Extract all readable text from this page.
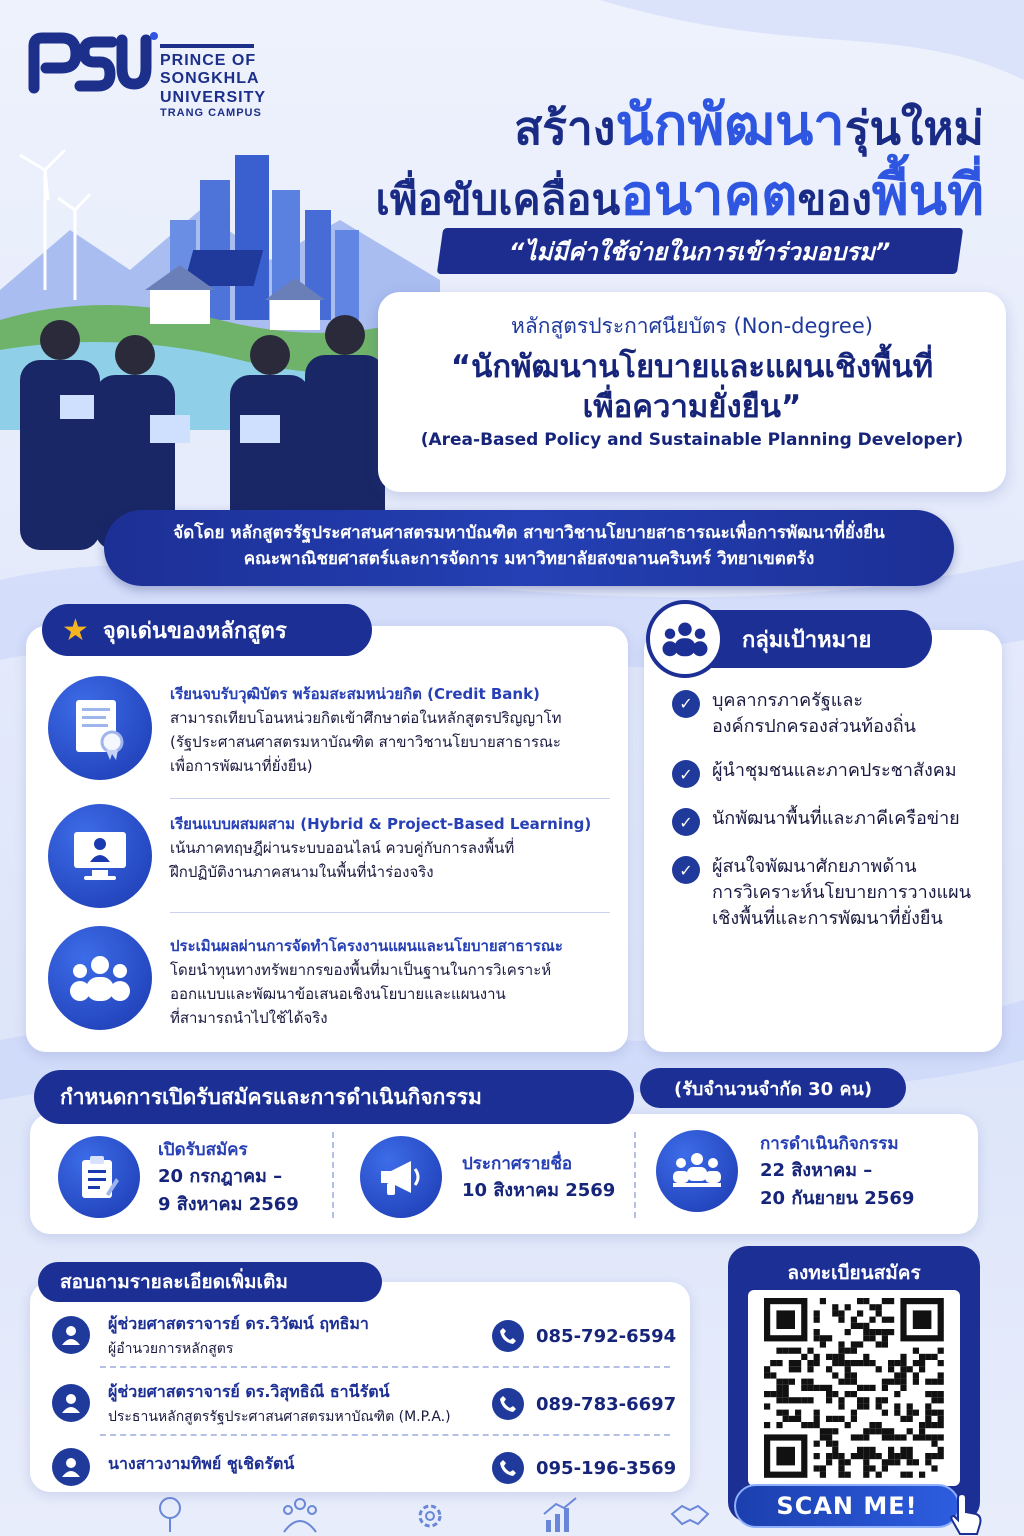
PRINCE OF
SONGKHLA
UNIVERSITY
TRANG CAMPUS	สร้างนักพัฒนารุ่นใหม่
เพื่อขับเคลื่อนอนาคตของพื้นที่
“ไม่มีค่าใช้จ่ายในการเข้าร่วมอบรม”
หลักสูตรประกาศนียบัตร (Non-degree)
“นักพัฒนานโยบายและแผนเชิงพื้นที่
เพื่อความยั่งยืน”
(Area-Based Policy and Sustainable Planning Developer)
จัดโดย หลักสูตรรัฐประศาสนศาสตรมหาบัณฑิต สาขาวิชานโยบายสาธารณะเพื่อการพัฒนาที่ยั่งยืน
คณะพาณิชยศาสตร์และการจัดการ มหาวิทยาลัยสงขลานครินทร์ วิทยาเขตตรัง
★ จุดเด่นของหลักสูตร
เรียนจบรับวุฒิบัตร พร้อมสะสมหน่วยกิต (Credit Bank)
สามารถเทียบโอนหน่วยกิตเข้าศึกษาต่อในหลักสูตรปริญญาโท
(รัฐประศาสนศาสตรมหาบัณฑิต สาขาวิชานโยบายสาธารณะ
เพื่อการพัฒนาที่ยั่งยืน)
เรียนแบบผสมผสาม (Hybrid & Project-Based Learning)
เน้นภาคทฤษฎีผ่านระบบออนไลน์ ควบคู่กับการลงพื้นที่
ฝึกปฏิบัติงานภาคสนามในพื้นที่นำร่องจริง
ประเมินผลผ่านการจัดทำโครงงานแผนและนโยบายสาธารณะ
โดยนำทุนทางทรัพยากรของพื้นที่มาเป็นฐานในการวิเคราะห์
ออกแบบและพัฒนาข้อเสนอเชิงนโยบายและแผนงาน
ที่สามารถนำไปใช้ได้จริง
กลุ่มเป้าหมาย
✓	บุคลากรภาครัฐและ
องค์กรปกครองส่วนท้องถิ่น
✓	ผู้นำชุมชนและภาคประชาสังคม
✓	นักพัฒนาพื้นที่และภาคีเครือข่าย
✓	ผู้สนใจพัฒนาศักยภาพด้าน
การวิเคราะห์นโยบายการวางแผน
เชิงพื้นที่และการพัฒนาที่ยั่งยืน
กำหนดการเปิดรับสมัครและการดำเนินกิจกรรม	(รับจำนวนจำกัด 30 คน)
เปิดรับสมัคร
20 กรกฎาคม –
9 สิงหาคม 2569
ประกาศรายชื่อ
10 สิงหาคม 2569
การดำเนินกิจกรรม
22 สิงหาคม –
20 กันยายน 2569
สอบถามรายละเอียดเพิ่มเติม
ผู้ช่วยศาสตราจารย์ ดร.วิวัฒน์ ฤทธิมา
ผู้อำนวยการหลักสูตร
085-792-6594
ผู้ช่วยศาสตราจารย์ ดร.วิสุทธิณี ธานีรัตน์
ประธานหลักสูตรรัฐประศาสนศาสตรมหาบัณฑิต (M.P.A.)
089-783-6697
นางสาวงามทิพย์ ชูเชิดรัตน์	095-196-3569
ลงทะเบียนสมัคร
SCAN ME!
